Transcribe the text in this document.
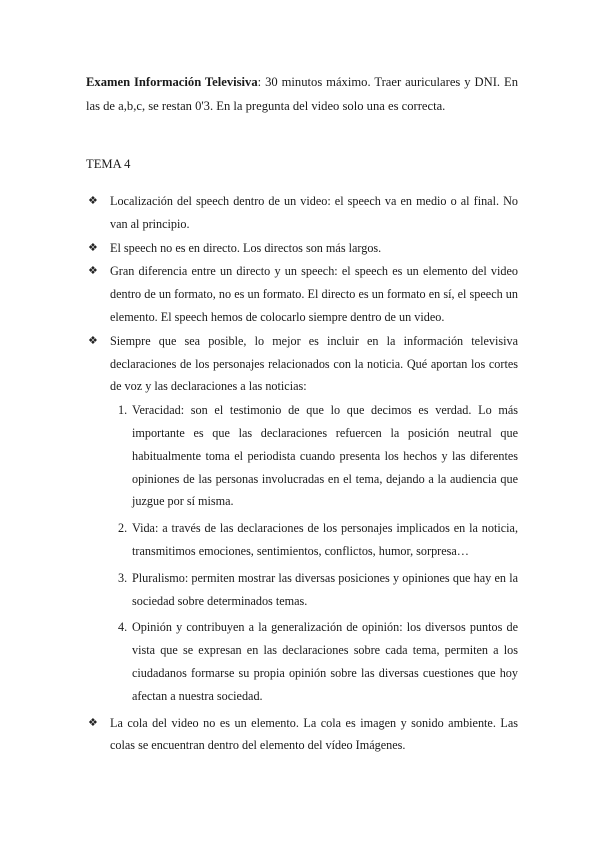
Examen Información Televisiva: 30 minutos máximo. Traer auriculares y DNI. En las de a,b,c, se restan 0'3. En la pregunta del video solo una es correcta.
TEMA 4
❖ Localización del speech dentro de un video: el speech va en medio o al final. No van al principio.
❖ El speech no es en directo. Los directos son más largos.
❖ Gran diferencia entre un directo y un speech: el speech es un elemento del video dentro de un formato, no es un formato. El directo es un formato en sí, el speech un elemento. El speech hemos de colocarlo siempre dentro de un video.
❖ Siempre que sea posible, lo mejor es incluir en la información televisiva declaraciones de los personajes relacionados con la noticia. Qué aportan los cortes de voz y las declaraciones a las noticias:
1. Veracidad: son el testimonio de que lo que decimos es verdad. Lo más importante es que las declaraciones refuercen la posición neutral que habitualmente toma el periodista cuando presenta los hechos y las diferentes opiniones de las personas involucradas en el tema, dejando a la audiencia que juzgue por sí misma.
2. Vida: a través de las declaraciones de los personajes implicados en la noticia, transmitimos emociones, sentimientos, conflictos, humor, sorpresa…
3. Pluralismo: permiten mostrar las diversas posiciones y opiniones que hay en la sociedad sobre determinados temas.
4. Opinión y contribuyen a la generalización de opinión: los diversos puntos de vista que se expresan en las declaraciones sobre cada tema, permiten a los ciudadanos formarse su propia opinión sobre las diversas cuestiones que hoy afectan a nuestra sociedad.
❖ La cola del video no es un elemento. La cola es imagen y sonido ambiente. Las colas se encuentran dentro del elemento del vídeo Imágenes.
